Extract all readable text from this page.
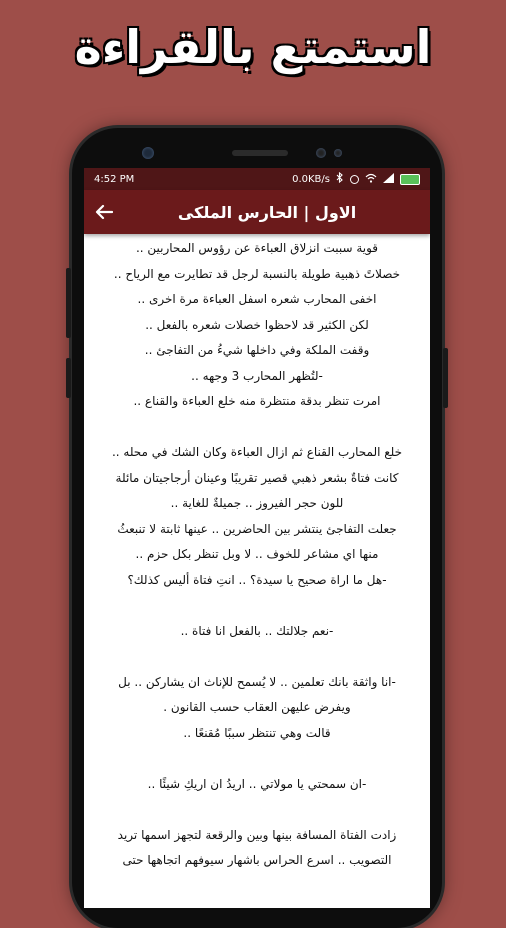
استمتع بالقراءة
4:52 PM	0.0KB/s
الاول | الحارس الملكى
قوية سببت انزلاق العباءة عن رؤوس المحاربين ..
خصلاتً ذهبية طويلة بالنسبة لرجل قد تطايرت مع الرياح ..
اخفى المحارب شعره اسفل العباءة مرة اخرى ..
لكن الكثير قد لاحظوا خصلات شعره بالفعل ..
وقفت الملكة وفي داخلها شيءُ من التفاجئ ..
-لتُظهر المحارب 3 وجهه ..
امرت تنظر بدقة منتظرة منه خلع العباءة والقناع ..
خلع المحارب القناع ثم ازال العباءة وكان الشك في محله ..
كانت فتاةٌ بشعر ذهبي قصير تقريبًا وعينان أرجاجيتان مائلة
للون حجر الفيروز .. جميلةٌ للغاية ..
جعلت التفاجئ ينتشر بين الحاضرين .. عينها ثابتة لا تنبعثُ
منها اي مشاعر للخوف .. لا وبل تنظر بكل حزم ..
-هل ما اراة صحيح يا سيدة؟ .. انتِ فتاة أليس كذلك؟
-نعم جلالتك .. بالفعل انا فتاة ..
-انا واثقة بانك تعلمين .. لا يُسمح للإناث ان يشاركن .. بل
ويفرض عليهن العقاب حسب القانون .
قالت وهي تنتظر سببًا مُقنعًا ..
-ان سمحتي يا مولاتي .. اريدُ ان اريكِ شيئًا ..
زادت الفتاة المسافة بينها وبين والرقعة لتجهز اسمها تريد
التصويب .. اسرع الحراس باشهار سيوفهم اتجاهها حتى
